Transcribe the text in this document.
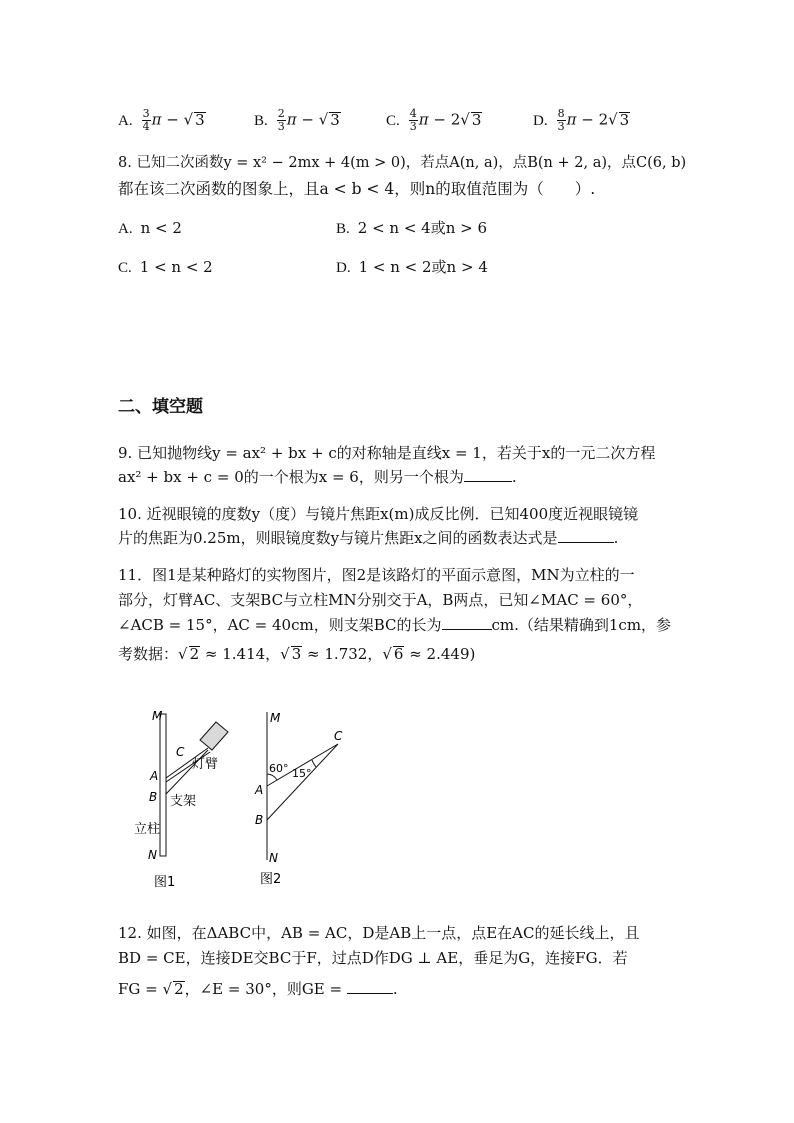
A. $\frac{3}{4}$ π − √ 3	B. $\frac{2}{3}$ π − √ 3	C. $\frac{4}{3}$ π − 2√ 3	D. $\frac{8}{3}$ π − 2√ 3
8. 已知二次函数y = x² − 2mx + 4(m > 0)，若点A(n, a)，点B(n + 2, a)，点C(6, b)
都在该二次函数的图象上，且a < b < 4，则n的取值范围为（　　）.
A. n < 2	B. 2 < n < 4或n > 6
C. 1 < n < 2	D. 1 < n < 2或n > 4
二、填空题
9. 已知抛物线y = ax² + bx + c的对称轴是直线x = 1，若关于x的一元二次方程
ax² + bx + c = 0的一个根为x = 6，则另一个根为	.
10. 近视眼镜的度数y（度）与镜片焦距x(m)成反比例．已知400度近视眼镜镜
片的焦距为0.25m，则眼镜度数y与镜片焦距x之间的函数表达式是	.
11．图1是某种路灯的实物图片，图2是该路灯的平面示意图，MN为立柱的一
部分，灯臂AC、支架BC与立柱MN分别交于A，B两点，已知∠MAC = 60°，
∠ACB = 15°，AC = 40cm，则支架BC的长为	cm.（结果精确到1cm，参
考数据：√ 2 ≈ 1.414，√ 3 ≈ 1.732，√ 6 ≈ 2.449)
M
C
A
B
N
灯臂
支架
立柱
图1
M
C
A
B
N
60° 15°
图2
12. 如图，在ΔABC中，AB = AC，D是AB上一点，点E在AC的延长线上，且
BD = CE，连接DE交BC于F，过点D作DG ⊥ AE，垂足为G，连接FG．若
FG = √ 2，∠E = 30°，则GE =	.
